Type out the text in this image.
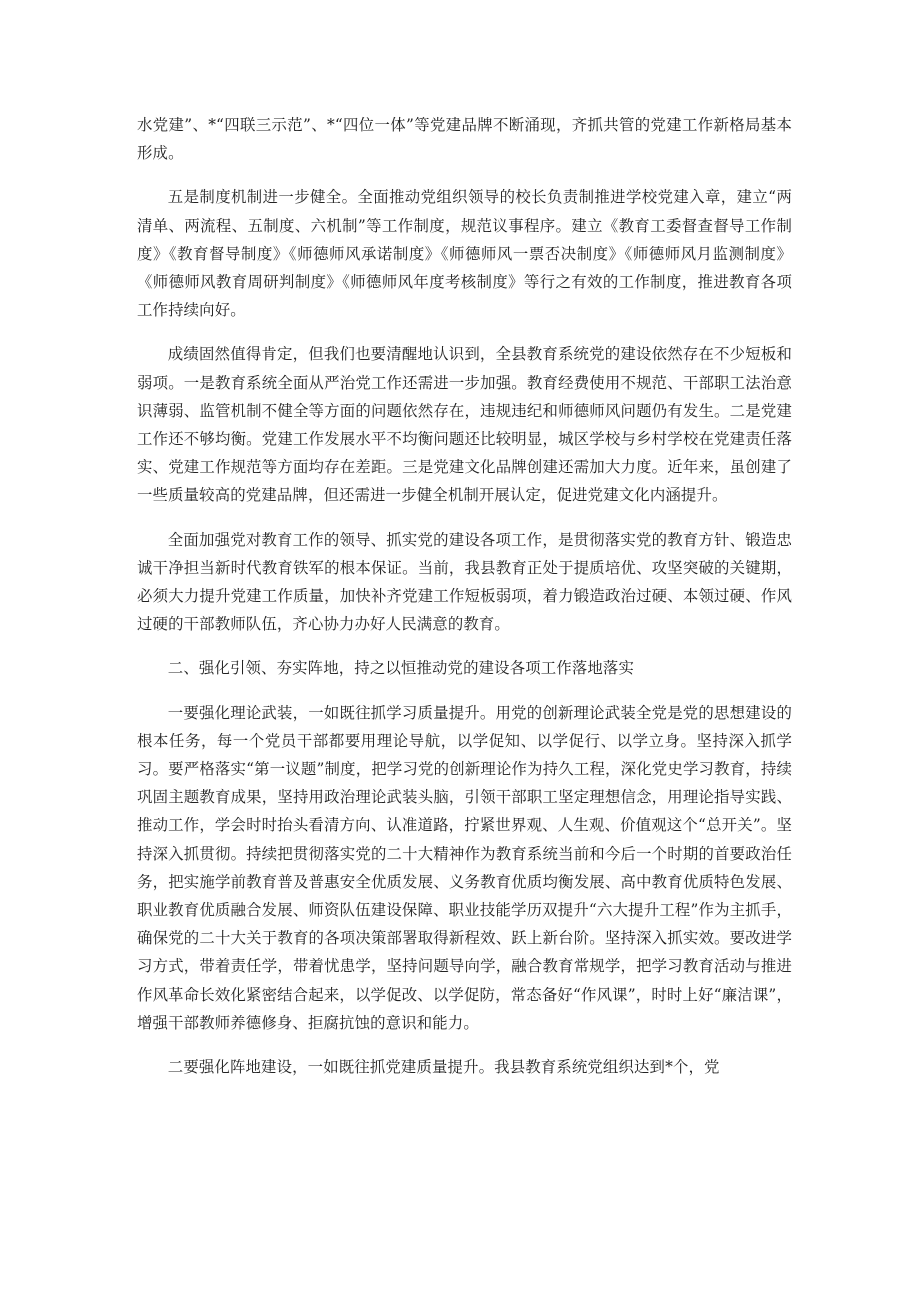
水党建”、*“四联三示范”、*“四位一体”等党建品牌不断涌现，齐抓共管的党建工作新格局基本形成。

五是制度机制进一步健全。全面推动党组织领导的校长负责制推进学校党建入章，建立“两清单、两流程、五制度、六机制”等工作制度，规范议事程序。建立《教育工委督查督导工作制度》《教育督导制度》《师德师风承诺制度》《师德师风一票否决制度》《师德师风月监测制度》《师德师风教育周研判制度》《师德师风年度考核制度》等行之有效的工作制度，推进教育各项工作持续向好。

成绩固然值得肯定，但我们也要清醒地认识到，全县教育系统党的建设依然存在不少短板和弱项。一是教育系统全面从严治党工作还需进一步加强。教育经费使用不规范、干部职工法治意识薄弱、监管机制不健全等方面的问题依然存在，违规违纪和师德师风问题仍有发生。二是党建工作还不够均衡。党建工作发展水平不均衡问题还比较明显，城区学校与乡村学校在党建责任落实、党建工作规范等方面均存在差距。三是党建文化品牌创建还需加大力度。近年来，虽创建了一些质量较高的党建品牌，但还需进一步健全机制开展认定，促进党建文化内涵提升。

全面加强党对教育工作的领导、抓实党的建设各项工作，是贯彻落实党的教育方针、锻造忠诚干净担当新时代教育铁军的根本保证。当前，我县教育正处于提质培优、攻坚突破的关键期，必须大力提升党建工作质量，加快补齐党建工作短板弱项，着力锻造政治过硬、本领过硬、作风过硬的干部教师队伍，齐心协力办好人民满意的教育。

二、强化引领、夯实阵地，持之以恒推动党的建设各项工作落地落实

一要强化理论武装，一如既往抓学习质量提升。用党的创新理论武装全党是党的思想建设的根本任务，每一个党员干部都要用理论导航，以学促知、以学促行、以学立身。坚持深入抓学习。要严格落实“第一议题”制度，把学习党的创新理论作为持久工程，深化党史学习教育，持续巩固主题教育成果，坚持用政治理论武装头脑，引领干部职工坚定理想信念，用理论指导实践、推动工作，学会时时抬头看清方向、认准道路，拧紧世界观、人生观、价值观这个“总开关”。坚持深入抓贯彻。持续把贯彻落实党的二十大精神作为教育系统当前和今后一个时期的首要政治任务，把实施学前教育普及普惠安全优质发展、义务教育优质均衡发展、高中教育优质特色发展、职业教育优质融合发展、师资队伍建设保障、职业技能学历双提升“六大提升工程”作为主抓手，确保党的二十大关于教育的各项决策部署取得新程效、跃上新台阶。坚持深入抓实效。要改进学习方式，带着责任学，带着忧患学，坚持问题导向学，融合教育常规学，把学习教育活动与推进作风革命长效化紧密结合起来，以学促改、以学促防，常态备好“作风课”，时时上好“廉洁课”，增强干部教师养德修身、拒腐抗蚀的意识和能力。

二要强化阵地建设，一如既往抓党建质量提升。我县教育系统党组织达到*个，党
